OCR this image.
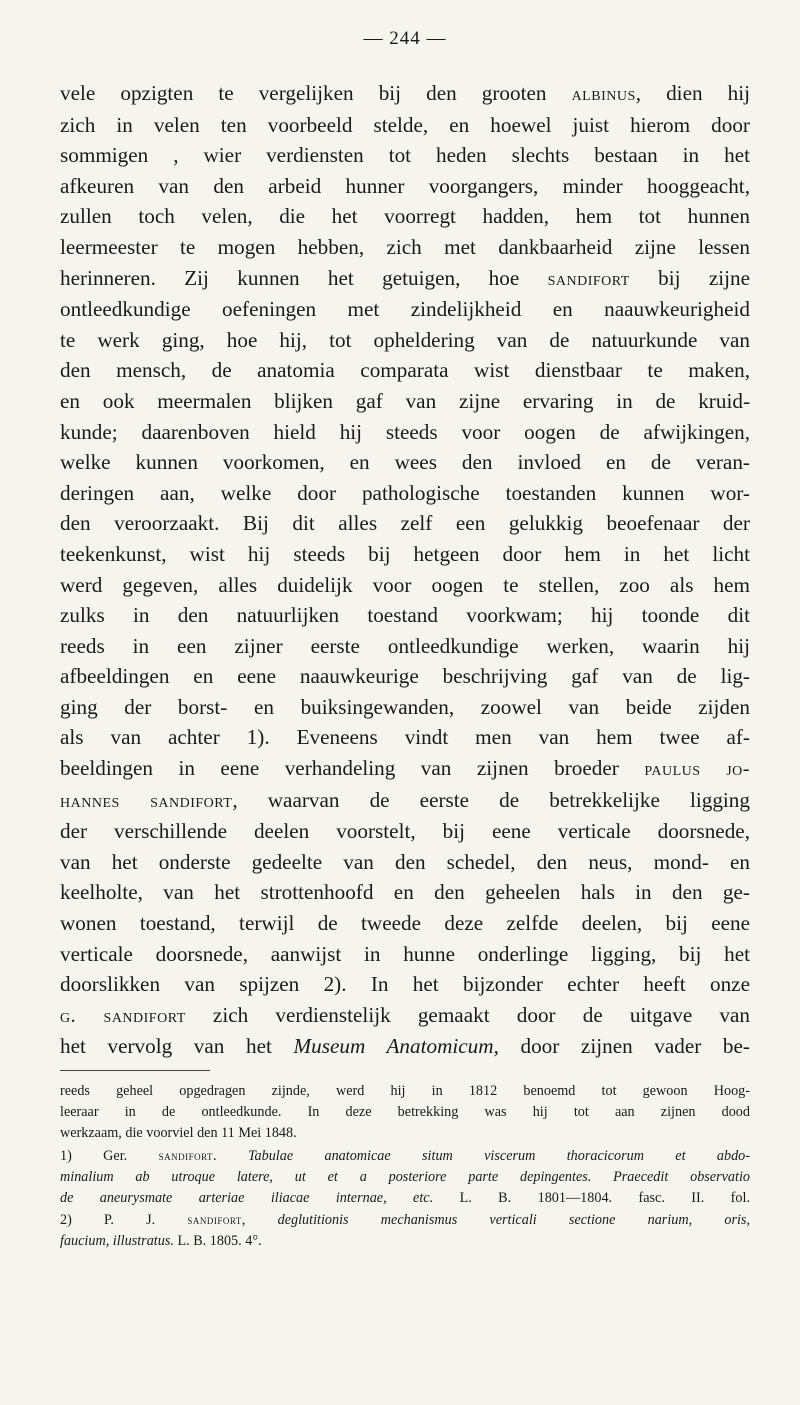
— 244 —
vele opzigten te vergelijken bij den grooten albinus, dien hij
zich in velen ten voorbeeld stelde, en hoewel juist hierom door
sommigen , wier verdiensten tot heden slechts bestaan in het
afkeuren van den arbeid hunner voorgangers, minder hooggeacht,
zullen toch velen, die het voorregt hadden, hem tot hunnen
leermeester te mogen hebben, zich met dankbaarheid zijne lessen
herinneren. Zij kunnen het getuigen, hoe sandifort bij zijne
ontleedkundige oefeningen met zindelijkheid en naauwkeurigheid
te werk ging, hoe hij, tot opheldering van de natuurkunde van
den mensch, de anatomia comparata wist dienstbaar te maken,
en ook meermalen blijken gaf van zijne ervaring in de kruid-
kunde; daarenboven hield hij steeds voor oogen de afwijkingen,
welke kunnen voorkomen, en wees den invloed en de veran-
deringen aan, welke door pathologische toestanden kunnen wor-
den veroorzaakt. Bij dit alles zelf een gelukkig beoefenaar der
teekenkunst, wist hij steeds bij hetgeen door hem in het licht
werd gegeven, alles duidelijk voor oogen te stellen, zoo als hem
zulks in den natuurlijken toestand voorkwam; hij toonde dit
reeds in een zijner eerste ontleedkundige werken, waarin hij
afbeeldingen en eene naauwkeurige beschrijving gaf van de lig-
ging der borst- en buiksingewanden, zoowel van beide zijden
als van achter 1). Eveneens vindt men van hem twee af-
beeldingen in eene verhandeling van zijnen broeder paulus jo-
hannes sandifort, waarvan de eerste de betrekkelijke ligging
der verschillende deelen voorstelt, bij eene verticale doorsnede,
van het onderste gedeelte van den schedel, den neus, mond- en
keelholte, van het strottenhoofd en den geheelen hals in den ge-
wonen toestand, terwijl de tweede deze zelfde deelen, bij eene
verticale doorsnede, aanwijst in hunne onderlinge ligging, bij het
doorslikken van spijzen 2). In het bijzonder echter heeft onze
g. sandifort zich verdienstelijk gemaakt door de uitgave van
het vervolg van het Museum Anatomicum, door zijnen vader be-
reeds geheel opgedragen zijnde, werd hij in 1812 benoemd tot gewoon Hoog-
leeraar in de ontleedkunde. In deze betrekking was hij tot aan zijnen dood
werkzaam, die voorviel den 11 Mei 1848.
1) Ger. sandifort. Tabulae anatomicae situm viscerum thoracicorum et abdo-
minalium ab utroque latere, ut et a posteriore parte depingentes. Praecedit observatio
de aneurysmate arteriae iliacae internae, etc. L. B. 1801—1804. fasc. II. fol.
2) P. J. sandifort, deglutitionis mechanismus verticali sectione narium, oris,
faucium, illustratus. L. B. 1805. 4°.
